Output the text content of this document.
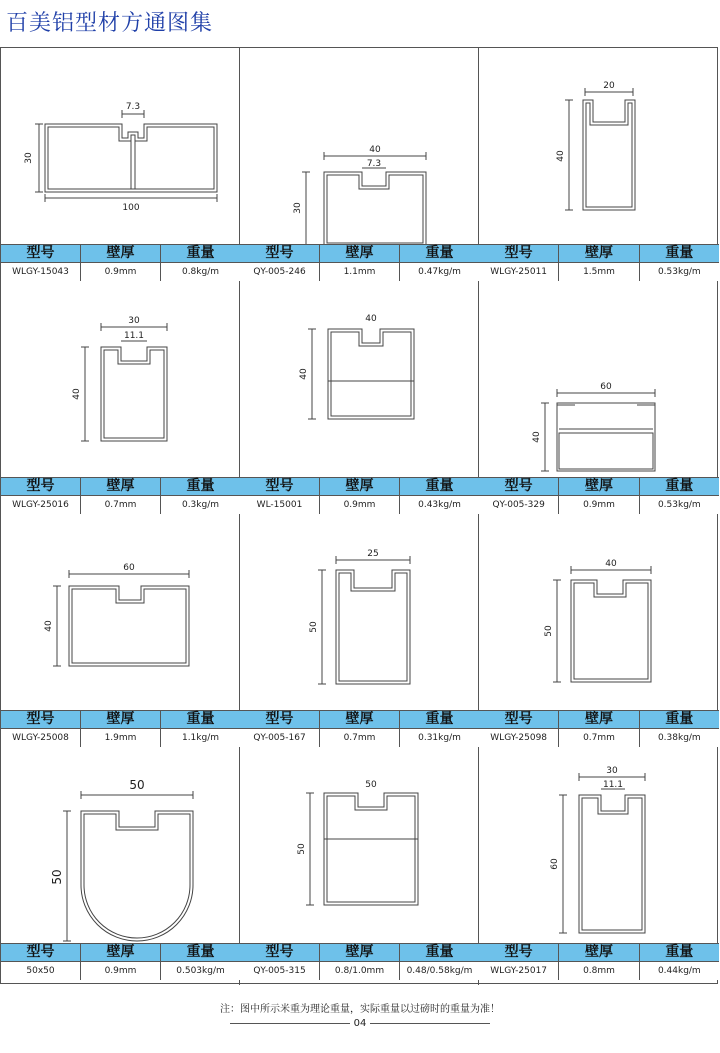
百美铝型材方通图集
7.3
30
100
型号	壁厚	重量
WLGY-15043	0.9mm	0.8kg/m
40
7.3
30
型号	壁厚	重量
QY-005-246	1.1mm	0.47kg/m
20
40
型号	壁厚	重量
WLGY-25011	1.5mm	0.53kg/m
30
11.1
40
型号	壁厚	重量
WLGY-25016	0.7mm	0.3kg/m
40
40
型号	壁厚	重量
WL-15001	0.9mm	0.43kg/m
60
40
型号	壁厚	重量
QY-005-329	0.9mm	0.53kg/m
60
40
型号	壁厚	重量
WLGY-25008	1.9mm	1.1kg/m
25
50
型号	壁厚	重量
QY-005-167	0.7mm	0.31kg/m
40
50
型号	壁厚	重量
WLGY-25098	0.7mm	0.38kg/m
50
50
型号	壁厚	重量
50x50	0.9mm	0.503kg/m
50
50
型号	壁厚	重量
QY-005-315	0.8/1.0mm	0.48/0.58kg/m
30
11.1
60
型号	壁厚	重量
WLGY-25017	0.8mm	0.44kg/m
注：图中所示米重为理论重量，实际重量以过磅时的重量为准！
04
